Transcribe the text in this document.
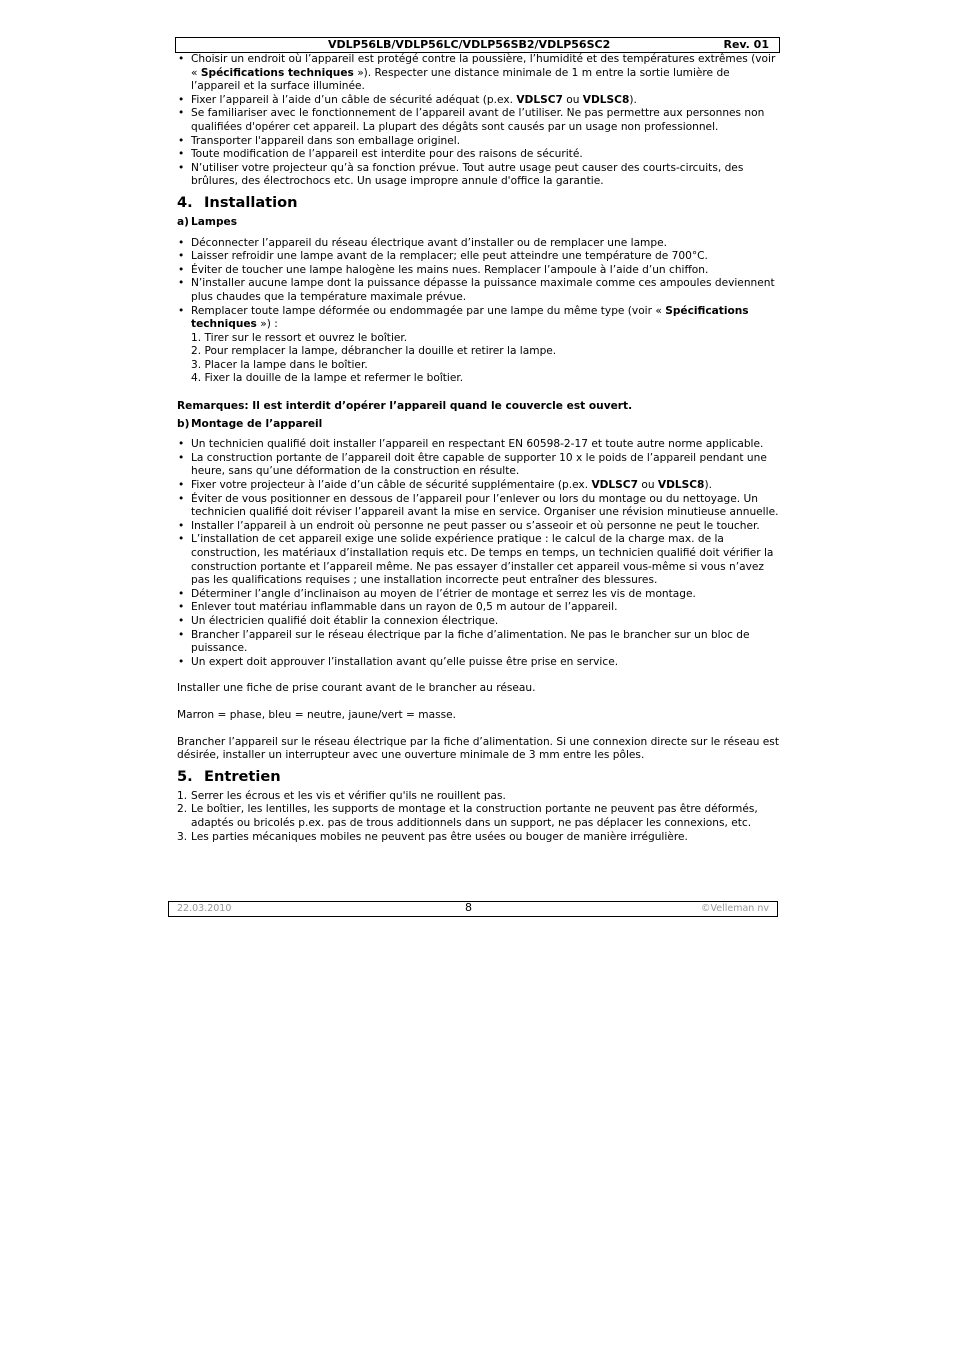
VDLP56LB/VDLP56LC/VDLP56SB2/VDLP56SC2	Rev. 01
• Choisir un endroit où l’appareil est protégé contre la poussière, l’humidité et des températures extrêmes (voir « Spécifications techniques »). Respecter une distance minimale de 1 m entre la sortie lumière de l’appareil et la surface illuminée.
• Fixer l’appareil à l’aide d’un câble de sécurité adéquat (p.ex. VDLSC7 ou VDLSC8).
• Se familiariser avec le fonctionnement de l’appareil avant de l’utiliser. Ne pas permettre aux personnes non qualifiées d'opérer cet appareil. La plupart des dégâts sont causés par un usage non professionnel.
• Transporter l'appareil dans son emballage originel.
• Toute modification de l’appareil est interdite pour des raisons de sécurité.
• N’utiliser votre projecteur qu’à sa fonction prévue. Tout autre usage peut causer des courts-circuits, des brûlures, des électrochocs etc. Un usage impropre annule d'office la garantie.
4. Installation
a) Lampes
• Déconnecter l’appareil du réseau électrique avant d’installer ou de remplacer une lampe.
• Laisser refroidir une lampe avant de la remplacer; elle peut atteindre une température de 700°C.
• Éviter de toucher une lampe halogène les mains nues. Remplacer l’ampoule à l’aide d’un chiffon.
• N’installer aucune lampe dont la puissance dépasse la puissance maximale comme ces ampoules deviennent plus chaudes que la température maximale prévue.
• Remplacer toute lampe déformée ou endommagée par une lampe du même type (voir « Spécifications techniques ») :
1. Tirer sur le ressort et ouvrez le boîtier.
2. Pour remplacer la lampe, débrancher la douille et retirer la lampe.
3. Placer la lampe dans le boîtier.
4. Fixer la douille de la lampe et refermer le boîtier.

Remarques: Il est interdit d’opérer l’appareil quand le couvercle est ouvert.

b) Montage de l’appareil
• Un technicien qualifié doit installer l’appareil en respectant EN 60598-2-17 et toute autre norme applicable.
• La construction portante de l’appareil doit être capable de supporter 10 x le poids de l’appareil pendant une heure, sans qu’une déformation de la construction en résulte.
• Fixer votre projecteur à l’aide d’un câble de sécurité supplémentaire (p.ex. VDLSC7 ou VDLSC8).
• Éviter de vous positionner en dessous de l’appareil pour l’enlever ou lors du montage ou du nettoyage. Un technicien qualifié doit réviser l’appareil avant la mise en service. Organiser une révision minutieuse annuelle.
• Installer l’appareil à un endroit où personne ne peut passer ou s’asseoir et où personne ne peut le toucher.
• L’installation de cet appareil exige une solide expérience pratique : le calcul de la charge max. de la construction, les matériaux d’installation requis etc. De temps en temps, un technicien qualifié doit vérifier la construction portante et l’appareil même. Ne pas essayer d’installer cet appareil vous-même si vous n’avez pas les qualifications requises ; une installation incorrecte peut entraîner des blessures.
• Déterminer l’angle d’inclinaison au moyen de l’étrier de montage et serrez les vis de montage.
• Enlever tout matériau inflammable dans un rayon de 0,5 m autour de l’appareil.
• Un électricien qualifié doit établir la connexion électrique.
• Brancher l’appareil sur le réseau électrique par la fiche d’alimentation. Ne pas le brancher sur un bloc de puissance.
• Un expert doit approuver l’installation avant qu’elle puisse être prise en service.

Installer une fiche de prise courant avant de le brancher au réseau.

Marron = phase, bleu = neutre, jaune/vert = masse.

Brancher l’appareil sur le réseau électrique par la fiche d’alimentation. Si une connexion directe sur le réseau est désirée, installer un interrupteur avec une ouverture minimale de 3 mm entre les pôles.

5. Entretien
1. Serrer les écrous et les vis et vérifier qu'ils ne rouillent pas.
2. Le boîtier, les lentilles, les supports de montage et la construction portante ne peuvent pas être déformés, adaptés ou bricolés p.ex. pas de trous additionnels dans un support, ne pas déplacer les connexions, etc.
3. Les parties mécaniques mobiles ne peuvent pas être usées ou bouger de manière irrégulière.
22.03.2010	8	©Velleman nv
